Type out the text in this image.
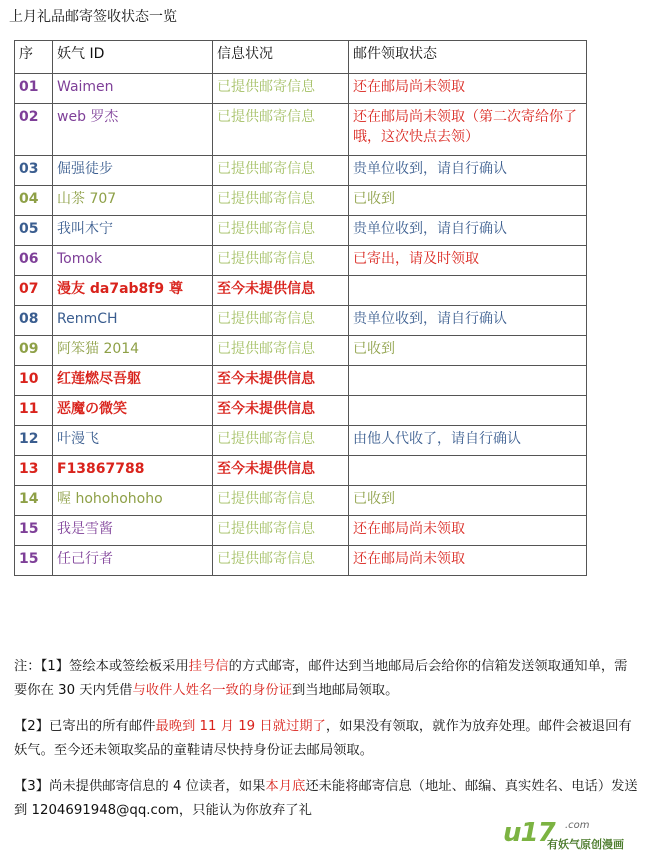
上月礼品邮寄签收状态一览
序	妖气 ID	信息状况	邮件领取状态
01	Waimen	已提供邮寄信息	还在邮局尚未领取
02	web 罗杰	已提供邮寄信息	还在邮局尚未领取（第二次寄给你了哦，这次快点去领）
03	倔强徒步	已提供邮寄信息	贵单位收到，请自行确认
04	山茶 707	已提供邮寄信息	已收到
05	我叫木宁	已提供邮寄信息	贵单位收到，请自行确认
06	Tomok	已提供邮寄信息	已寄出，请及时领取
07	漫友 da7ab8f9 尊	至今未提供信息	
08	RenmCH	已提供邮寄信息	贵单位收到，请自行确认
09	阿笨猫 2014	已提供邮寄信息	已收到
10	红莲燃尽吾躯	至今未提供信息	
11	恶魔の微笑	至今未提供信息	
12	叶漫飞	已提供邮寄信息	由他人代收了，请自行确认
13	F13867788	至今未提供信息	
14	喔 hohohohoho	已提供邮寄信息	已收到
15	我是雪酱	已提供邮寄信息	还在邮局尚未领取
15	任己行者	已提供邮寄信息	还在邮局尚未领取

注：【1】签绘本或签绘板采用挂号信的方式邮寄，邮件达到当地邮局后会给你的信箱发送领取通知单，需要你在 30 天内凭借与收件人姓名一致的身份证到当地邮局领取。

【2】已寄出的所有邮件最晚到 11 月 19 日就过期了，如果没有领取，就作为放弃处理。邮件会被退回有妖气。至今还未领取奖品的童鞋请尽快持身份证去邮局领取。

【3】尚未提供邮寄信息的 4 位读者，如果本月底还未能将邮寄信息（地址、邮编、真实姓名、电话）发送到 1204691948@qq.com，只能认为你放弃了礼

u17 .com
有妖气原创漫画
